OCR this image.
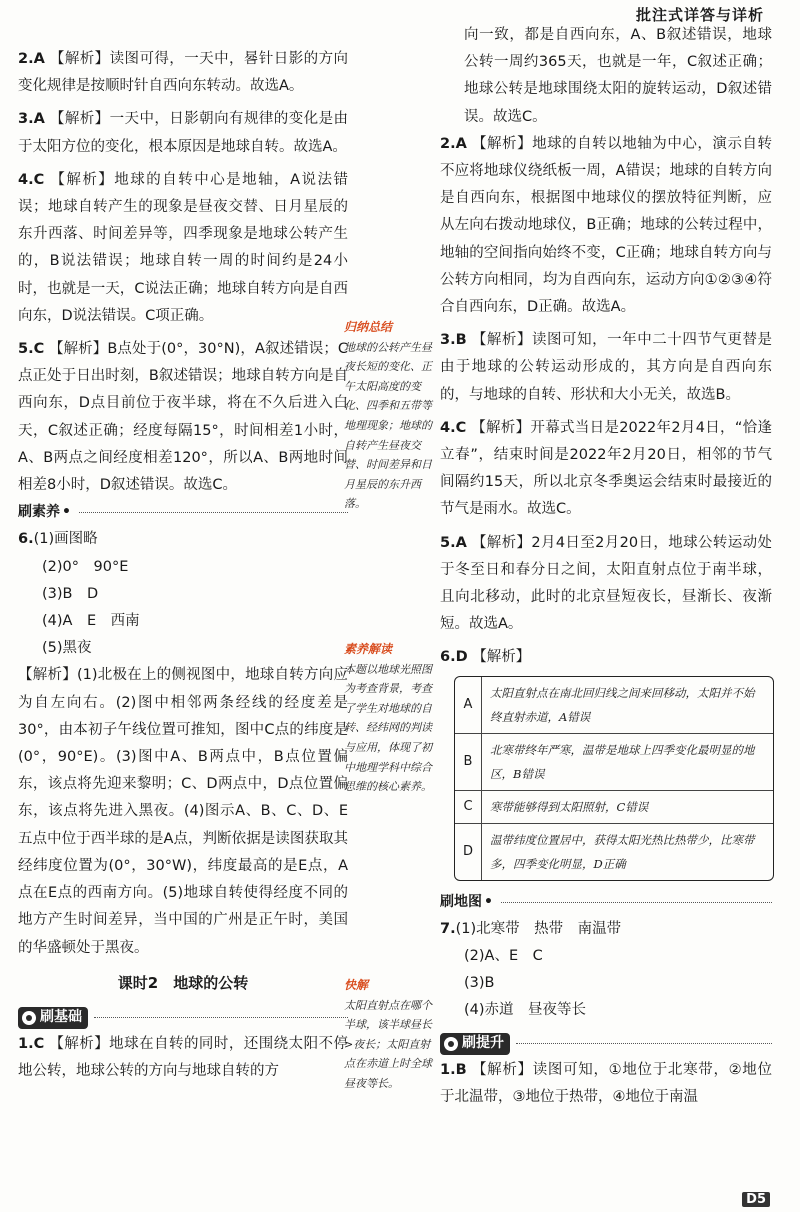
批注式详答与详析

2.A 【解析】读图可得，一天中，晷针日影的方向变化规律是按顺时针自西向东转动。故选A。

3.A 【解析】一天中，日影朝向有规律的变化是由于太阳方位的变化，根本原因是地球自转。故选A。

4.C 【解析】地球的自转中心是地轴，A说法错误；地球自转产生的现象是昼夜交替、日月星辰的东升西落、时间差异等，四季现象是地球公转产生的，B说法错误；地球自转一周的时间约是24小时，也就是一天，C说法正确；地球自转方向是自西向东，D说法错误。C项正确。

5.C 【解析】B点处于(0°，30°N)，A叙述错误；C点正处于日出时刻，B叙述错误；地球自转方向是自西向东，D点目前位于夜半球，将在不久后进入白天，C叙述正确；经度每隔15°，时间相差1小时，A、B两点之间经度相差120°，所以A、B两地时间相差8小时，D叙述错误。故选C。

刷素养 •

6.(1)画图略

(2)0°　90°E

(3)B　D

(4)A　E　西南

(5)黑夜

【解析】(1)北极在上的侧视图中，地球自转方向应为自左向右。(2)图中相邻两条经线的经度差是30°，由本初子午线位置可推知，图中C点的纬度是(0°，90°E)。(3)图中A、B两点中，B点位置偏东，该点将先迎来黎明；C、D两点中，D点位置偏东，该点将先进入黑夜。(4)图示A、B、C、D、E五点中位于西半球的是A点，判断依据是读图获取其经纬度位置为(0°，30°W)，纬度最高的是E点，A点在E点的西南方向。(5)地球自转使得经度不同的地方产生时间差异，当中国的广州是正午时，美国的华盛顿处于黑夜。

课时2　地球的公转

刷基础

1.C 【解析】地球在自转的同时，还围绕太阳不停地公转，地球公转的方向与地球自转的方

归纳总结
地球的公转产生昼夜长短的变化、正午太阳高度的变化、四季和五带等地理现象；地球的自转产生昼夜交替、时间差异和日月星辰的东升西落。
素养解读
本题以地球光照图为考查背景，考查了学生对地球的自转、经纬网的判读与应用，体现了初中地理学科中综合思维的核心素养。
快解
太阳直射点在哪个半球，该半球昼长>夜长；太阳直射点在赤道上时全球昼夜等长。

向一致，都是自西向东，A、B叙述错误，地球公转一周约365天，也就是一年，C叙述正确；地球公转是地球围绕太阳的旋转运动，D叙述错误。故选C。

2.A 【解析】地球的自转以地轴为中心，演示自转不应将地球仪绕纸板一周，A错误；地球的自转方向是自西向东，根据图中地球仪的摆放特征判断，应从左向右拨动地球仪，B正确；地球的公转过程中，地轴的空间指向始终不变，C正确；地球自转方向与公转方向相同，均为自西向东，运动方向①②③④符合自西向东，D正确。故选A。

3.B 【解析】读图可知，一年中二十四节气更替是由于地球的公转运动形成的，其方向是自西向东的，与地球的自转、形状和大小无关，故选B。

4.C 【解析】开幕式当日是2022年2月4日，“恰逢立春”，结束时间是2022年2月20日，相邻的节气间隔约15天，所以北京冬季奥运会结束时最接近的节气是雨水。故选C。

5.A 【解析】2月4日至2月20日，地球公转运动处于冬至日和春分日之间，太阳直射点位于南半球，且向北移动，此时的北京昼短夜长，昼渐长、夜渐短。故选A。

6.D 【解析】

A
太阳直射点在南北回归线之间来回移动，太阳并不始终直射赤道，A错误
B
北寒带终年严寒，温带是地球上四季变化最明显的地区，B错误
C	寒带能够得到太阳照射，C错误
D
温带纬度位置居中，获得太阳光热比热带少，比寒带多，四季变化明显，D正确

刷地图 •

7.(1)北寒带　热带　南温带

(2)A、E　C

(3)B

(4)赤道　昼夜等长

刷提升

1.B 【解析】读图可知，①地位于北寒带，②地位于北温带，③地位于热带，④地位于南温

D5
